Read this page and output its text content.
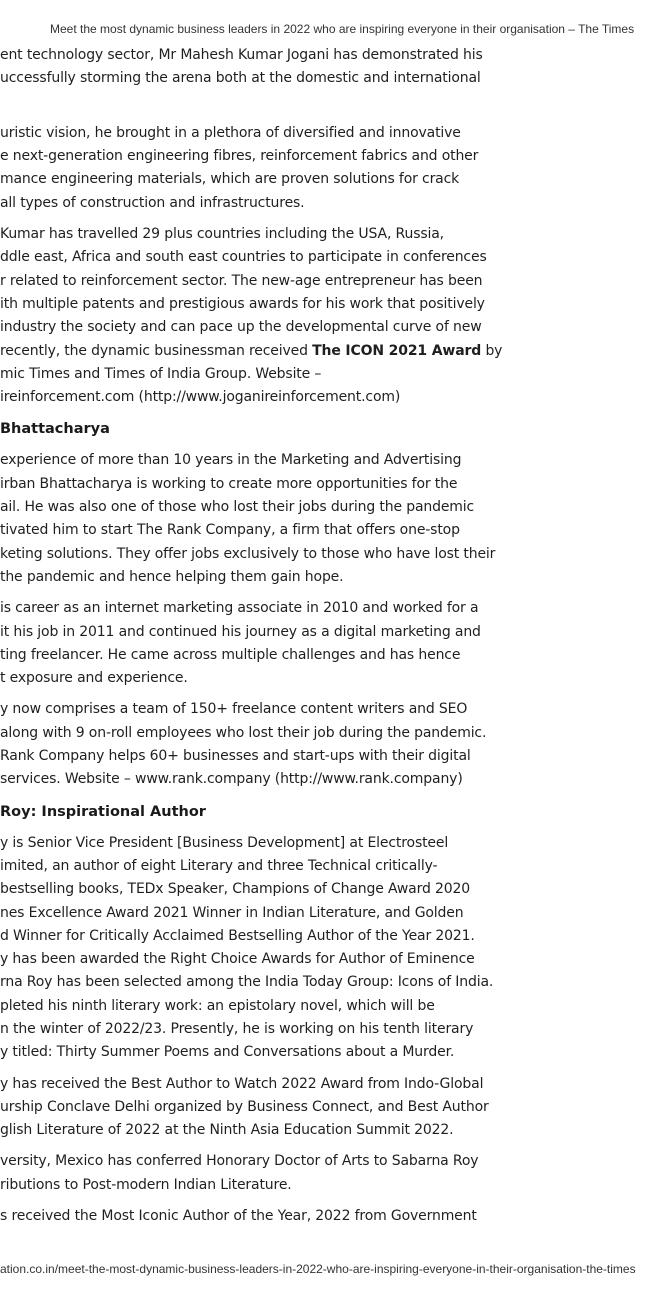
Meet the most dynamic business leaders in 2022 who are inspiring everyone in their organisation – The Times
ent technology sector, Mr Mahesh Kumar Jogani has demonstrated his
uccessfully storming the arena both at the domestic and international
uristic vision, he brought in a plethora of diversified and innovative
e next-generation engineering fibres, reinforcement fabrics and other
mance engineering materials, which are proven solutions for crack
all types of construction and infrastructures.
Kumar has travelled 29 plus countries including the USA, Russia,
ddle east, Africa and south east countries to participate in conferences
r related to reinforcement sector. The new-age entrepreneur has been
ith multiple patents and prestigious awards for his work that positively
industry the society and can pace up the developmental curve of new
recently, the dynamic businessman received The ICON 2021 Award by
mic Times and Times of India Group. Website –
ireinforcement.com (http://www.joganireinforcement.com)
Bhattacharya
experience of more than 10 years in the Marketing and Advertising
irban Bhattacharya is working to create more opportunities for the
ail. He was also one of those who lost their jobs during the pandemic
tivated him to start The Rank Company, a firm that offers one-stop
keting solutions. They offer jobs exclusively to those who have lost their
the pandemic and hence helping them gain hope.
is career as an internet marketing associate in 2010 and worked for a
it his job in 2011 and continued his journey as a digital marketing and
ting freelancer. He came across multiple challenges and has hence
t exposure and experience.
y now comprises a team of 150+ freelance content writers and SEO
along with 9 on-roll employees who lost their job during the pandemic.
Rank Company helps 60+ businesses and start-ups with their digital
services. Website – www.rank.company (http://www.rank.company)
Roy: Inspirational Author
y is Senior Vice President [Business Development] at Electrosteel
imited, an author of eight Literary and three Technical critically-
bestselling books, TEDx Speaker, Champions of Change Award 2020
nes Excellence Award 2021 Winner in Indian Literature, and Golden
d Winner for Critically Acclaimed Bestselling Author of the Year 2021.
y has been awarded the Right Choice Awards for Author of Eminence
rna Roy has been selected among the India Today Group: Icons of India.
pleted his ninth literary work: an epistolary novel, which will be
n the winter of 2022/23. Presently, he is working on his tenth literary
y titled: Thirty Summer Poems and Conversations about a Murder.
y has received the Best Author to Watch 2022 Award from Indo-Global
urship Conclave Delhi organized by Business Connect, and Best Author
glish Literature of 2022 at the Ninth Asia Education Summit 2022.
versity, Mexico has conferred Honorary Doctor of Arts to Sabarna Roy
ributions to Post-modern Indian Literature.
s received the Most Iconic Author of the Year, 2022 from Government
ation.co.in/meet-the-most-dynamic-business-leaders-in-2022-who-are-inspiring-everyone-in-their-organisation-the-times
